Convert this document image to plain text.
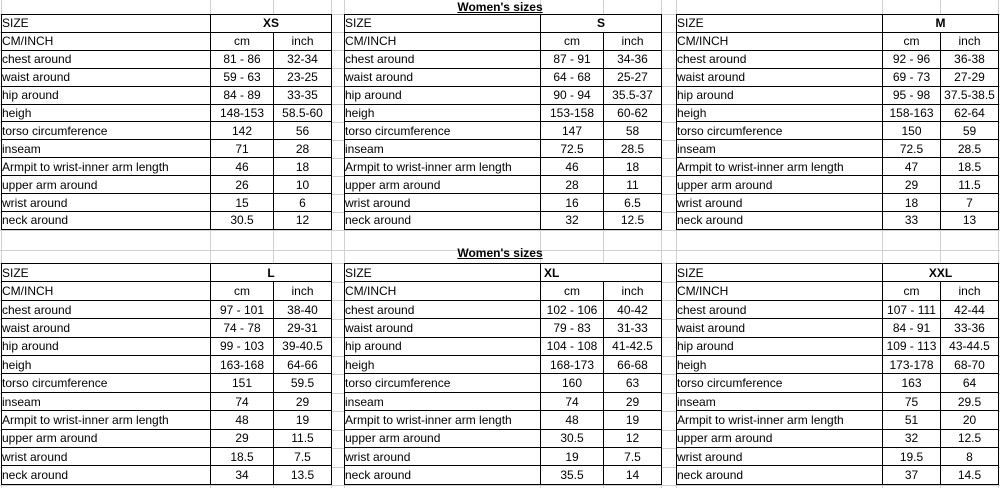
Women's sizes
Women's sizes
SIZE	XS	
CM/INCH	cm	inch
chest around	81 - 86	32-34
waist around	59 - 63	23-25
hip around	84 - 89	33-35
heigh	148-153	58.5-60
torso circumference	142	56
inseam	71	28
Armpit to wrist-inner arm length	46	18
upper arm around	26	10
wrist around	15	6
neck around	30.5	12
SIZE	S	
CM/INCH	cm	inch
chest around	87 - 91	34-36
waist around	64 - 68	25-27
hip around	90 - 94	35.5-37
heigh	153-158	60-62
torso circumference	147	58
inseam	72.5	28.5
Armpit to wrist-inner arm length	46	18
upper arm around	28	11
wrist around	16	6.5
neck around	32	12.5
SIZE	M	
CM/INCH	cm	inch
chest around	92 - 96	36-38
waist around	69 - 73	27-29
hip around	95 - 98	37.5-38.5
heigh	158-163	62-64
torso circumference	150	59
inseam	72.5	28.5
Armpit to wrist-inner arm length	47	18.5
upper arm around	29	11.5
wrist around	18	7
neck around	33	13
SIZE	L	
CM/INCH	cm	inch
chest around	97 - 101	38-40
waist around	74 - 78	29-31
hip around	99 - 103	39-40.5
heigh	163-168	64-66
torso circumference	151	59.5
inseam	74	29
Armpit to wrist-inner arm length	48	19
upper arm around	29	11.5
wrist around	18.5	7.5
neck around	34	13.5
SIZE	XL	
CM/INCH	cm	inch
chest around	102 - 106	40-42
waist around	79 - 83	31-33
hip around	104 - 108	41-42.5
heigh	168-173	66-68
torso circumference	160	63
inseam	74	29
Armpit to wrist-inner arm length	48	19
upper arm around	30.5	12
wrist around	19	7.5
neck around	35.5	14
SIZE	XXL	
CM/INCH	cm	inch
chest around	107 - 111	42-44
waist around	84 - 91	33-36
hip around	109 - 113	43-44.5
heigh	173-178	68-70
torso circumference	163	64
inseam	75	29.5
Armpit to wrist-inner arm length	51	20
upper arm around	32	12.5
wrist around	19.5	8
neck around	37	14.5
